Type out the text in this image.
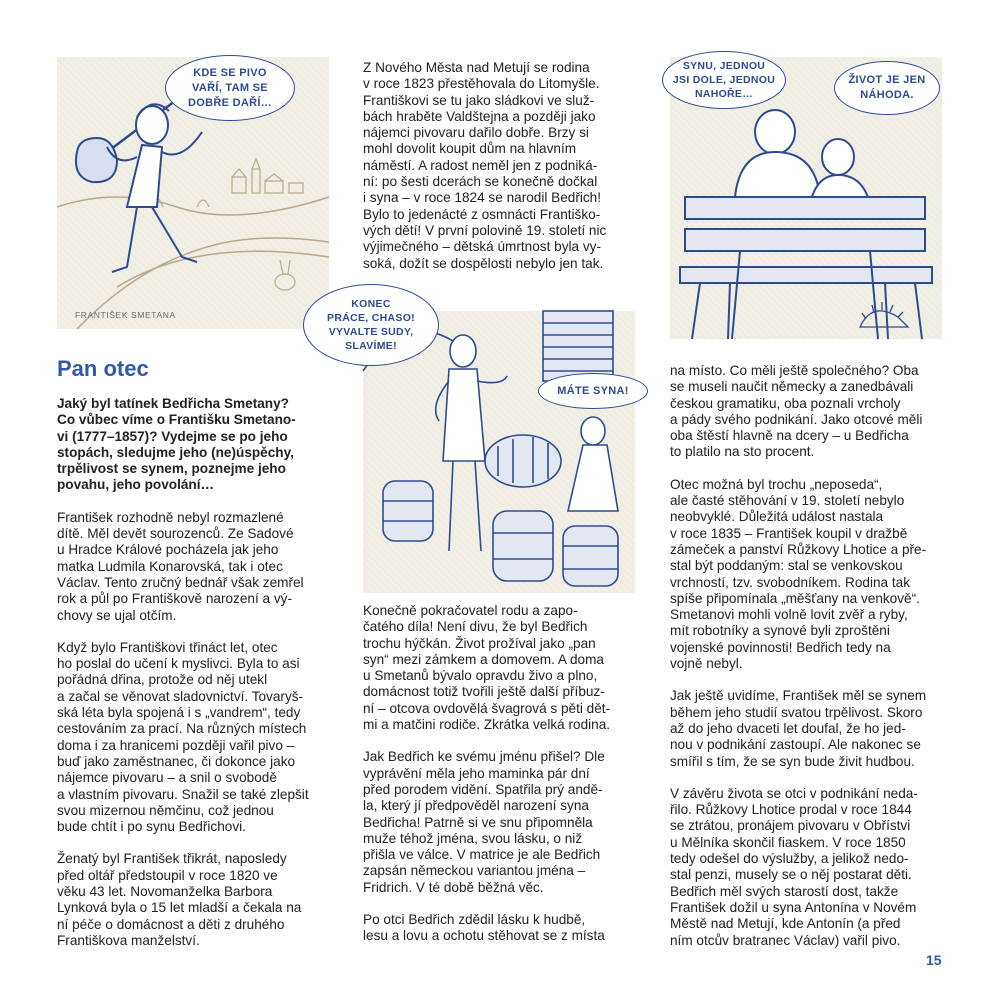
KDE SE PIVO
VAŘÍ, TAM SE
DOBŘE DAŘÍ…
FRANTIŠEK SMETANA
SYNU, JEDNOU
JSI DOLE, JEDNOU
NAHOŘE…
ŽIVOT JE JEN
NÁHODA.
KONEC
PRÁCE, CHASO!
VYVALTE SUDY,
SLAVÍME!
MÁTE SYNA!
Pan otec

Jaký byl tatínek Bedřicha Smetany?
Co vůbec víme o Františku Smetano-
vi (1777–1857)? Vydejme se po jeho
stopách, sledujme jeho (ne)úspěchy,
trpělivost se synem, poznejme jeho
povahu, jeho povolání…

František rozhodně nebyl rozmazlené
dítě. Měl devět sourozenců. Ze Sadové
u Hradce Králové pocházela jak jeho
matka Ludmila Konarovská, tak i otec
Václav. Tento zručný bednář však zemřel
rok a půl po Františkově narození a vý-
chovy se ujal otčím.

Když bylo Františkovi třináct let, otec
ho poslal do učení k myslivci. Byla to asi
pořádná dřina, protože od něj utekl
a začal se věnovat sladovnictví. Tovaryš-
ská léta byla spojená i s „vandrem“, tedy
cestováním za prací. Na různých místech
doma i za hranicemi později vařil pivo –
buď jako zaměstnanec, či dokonce jako
nájemce pivovaru – a snil o svobodě
a vlastním pivovaru. Snažil se také zlepšit
svou mizernou němčinu, což jednou
bude chtít i po synu Bedřichovi.

Ženatý byl František třikrát, naposledy
před oltář předstoupil v roce 1820 ve
věku 43 let. Novomanželka Barbora
Lynková byla o 15 let mladší a čekala na
ní péče o domácnost a děti z druhého
Františkova manželství.

Z Nového Města nad Metují se rodina
v roce 1823 přestěhovala do Litomyšle.
Františkovi se tu jako sládkovi ve služ-
bách hraběte Valdštejna a později jako
nájemci pivovaru dařilo dobře. Brzy si
mohl dovolit koupit dům na hlavním
náměstí. A radost neměl jen z podniká-
ní: po šesti dcerách se konečně dočkal
i syna – v roce 1824 se narodil Bedřich!
Bylo to jedenácté z osmnácti Františko-
vých dětí! V první polovině 19. století nic
výjimečného – dětská úmrtnost byla vy-
soká, dožít se dospělosti nebylo jen tak.

Konečně pokračovatel rodu a zapo-
čatého díla! Není divu, že byl Bedřich
trochu hýčkán. Život prožíval jako „pan
syn“ mezi zámkem a domovem. A doma
u Smetanů bývalo opravdu živo a plno,
domácnost totiž tvořili ještě další příbuz-
ní – otcova ovdovělá švagrová s pěti dět-
mi a matčini rodiče. Zkrátka velká rodina.

Jak Bedřich ke svému jménu přišel? Dle
vyprávění měla jeho maminka pár dní
před porodem vidění. Spatřila prý andě-
la, který jí předpověděl narození syna
Bedřicha! Patrně si ve snu připomněla
muže téhož jména, svou lásku, o niž
přišla ve válce. V matrice je ale Bedřich
zapsán německou variantou jména –
Fridrich. V té době běžná věc.

Po otci Bedřich zdědil lásku k hudbě,
lesu a lovu a ochotu stěhovat se z místa

na místo. Co měli ještě společného? Oba
se museli naučit německy a zanedbávali
českou gramatiku, oba poznali vrcholy
a pády svého podnikání. Jako otcové měli
oba štěstí hlavně na dcery – u Bedřicha
to platilo na sto procent.

Otec možná byl trochu „neposeda“,
ale časté stěhování v 19. století nebylo
neobvyklé. Důležitá událost nastala
v roce 1835 – František koupil v dražbě
zámeček a panství Růžkovy Lhotice a pře-
stal být poddaným: stal se venkovskou
vrchností, tzv. svobodníkem. Rodina tak
spíše připomínala „měšťany na venkově“.
Smetanovi mohli volně lovit zvěř a ryby,
mít robotníky a synové byli zproštěni
vojenské povinnosti! Bedřich tedy na
vojně nebyl.

Jak ještě uvidíme, František měl se synem
během jeho studií svatou trpělivost. Skoro
až do jeho dvaceti let doufal, že ho jed-
nou v podnikání zastoupí. Ale nakonec se
smířil s tím, že se syn bude živit hudbou.

V závěru života se otci v podnikání neda-
řilo. Růžkovy Lhotice prodal v roce 1844
se ztrátou, pronájem pivovaru v Obřístvi
u Mělníka skončil fiaskem. V roce 1850
tedy odešel do výslužby, a jelikož nedo-
stal penzi, musely se o něj postarat děti.
Bedřich měl svých starostí dost, takže
František dožil u syna Antonína v Novém
Městě nad Metují, kde Antonín (a před
ním otcův bratranec Václav) vařil pivo.

15
